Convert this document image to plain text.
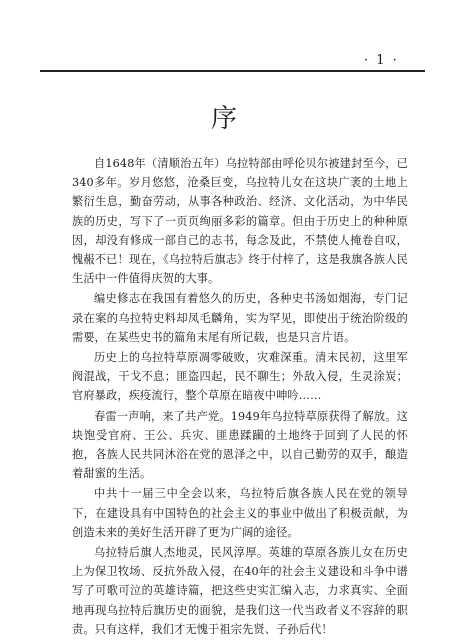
· 1 ·
序

自1648年（清顺治五年）乌拉特部由呼伦贝尔被建封至今，已340多年。岁月悠悠，沧桑巨变，乌拉特儿女在这块广袤的土地上繁衍生息，勤奋劳动，从事各种政治、经济、文化活动，为中华民族的历史，写下了一页页绚丽多彩的篇章。但由于历史上的种种原因，却没有修成一部自己的志书，每念及此，不禁使人掩卷自叹，愧赧不已！现在，《乌拉特后旗志》终于付梓了，这是我旗各族人民生活中一件值得庆贺的大事。

编史修志在我国有着悠久的历史，各种史书汤如烟海，专门记录在案的乌拉特史料却凤毛麟角，实为罕见，即使出于统治阶级的需要，在某些史书的篇角末尾有所记载，也是只言片语。

历史上的乌拉特草原凋零破败，灾难深重。清末民初，这里军阀混战，干戈不息；匪盗四起，民不聊生；外敌入侵，生灵涂炭；官府暴政，疾疫流行，整个草原在暗夜中呻吟……

春雷一声响，来了共产党。1949年乌拉特草原获得了解放。这块饱受官府、王公、兵灾、匪患蹂躏的土地终于回到了人民的怀抱，各族人民共同沐浴在党的恩泽之中，以自己勤劳的双手，酿造着甜蜜的生活。

中共十一届三中全会以来，乌拉特后旗各族人民在党的领导下，在建设具有中国特色的社会主义的事业中做出了积极贡献，为创造未来的美好生活开辟了更为广阔的途径。

乌拉特后旗人杰地灵，民风淳厚。英雄的草原各族儿女在历史上为保卫牧场、反抗外敌入侵，在40年的社会主义建设和斗争中谱写了可歌可泣的英雄诗篇，把这些史实汇编入志，力求真实、全面地再现乌拉特后旗历史的面貌，是我们这一代当政者义不容辞的职责。只有这样，我们才无愧于祖宗先贤、子孙后代！
